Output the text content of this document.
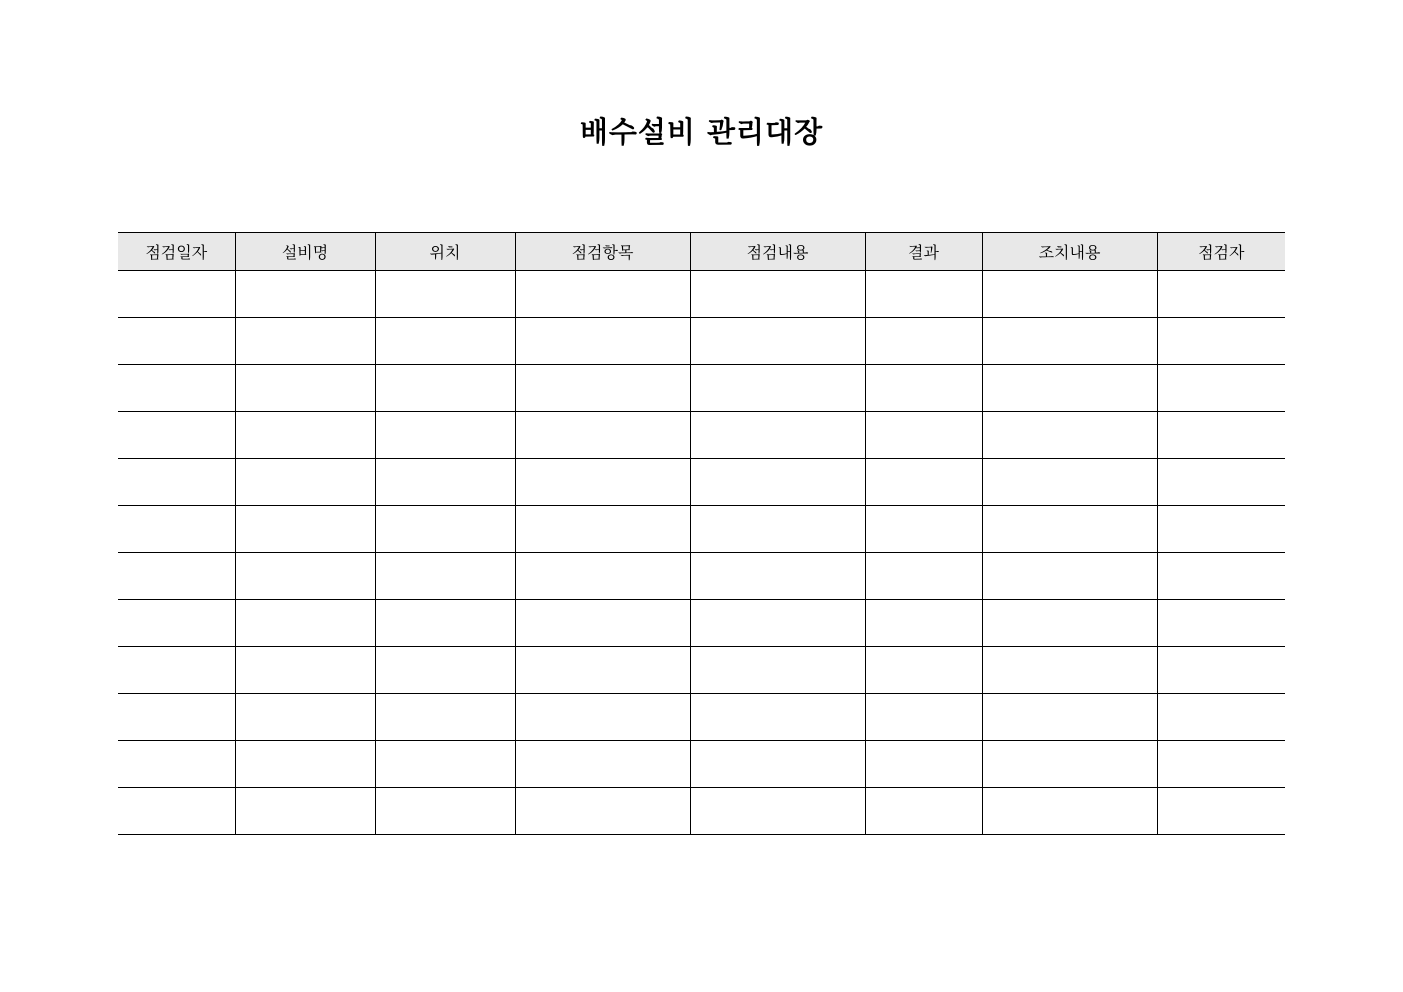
배수설비 관리대장
점검일자	설비명	위치	점검항목	점검내용	결과	조치내용	점검자
